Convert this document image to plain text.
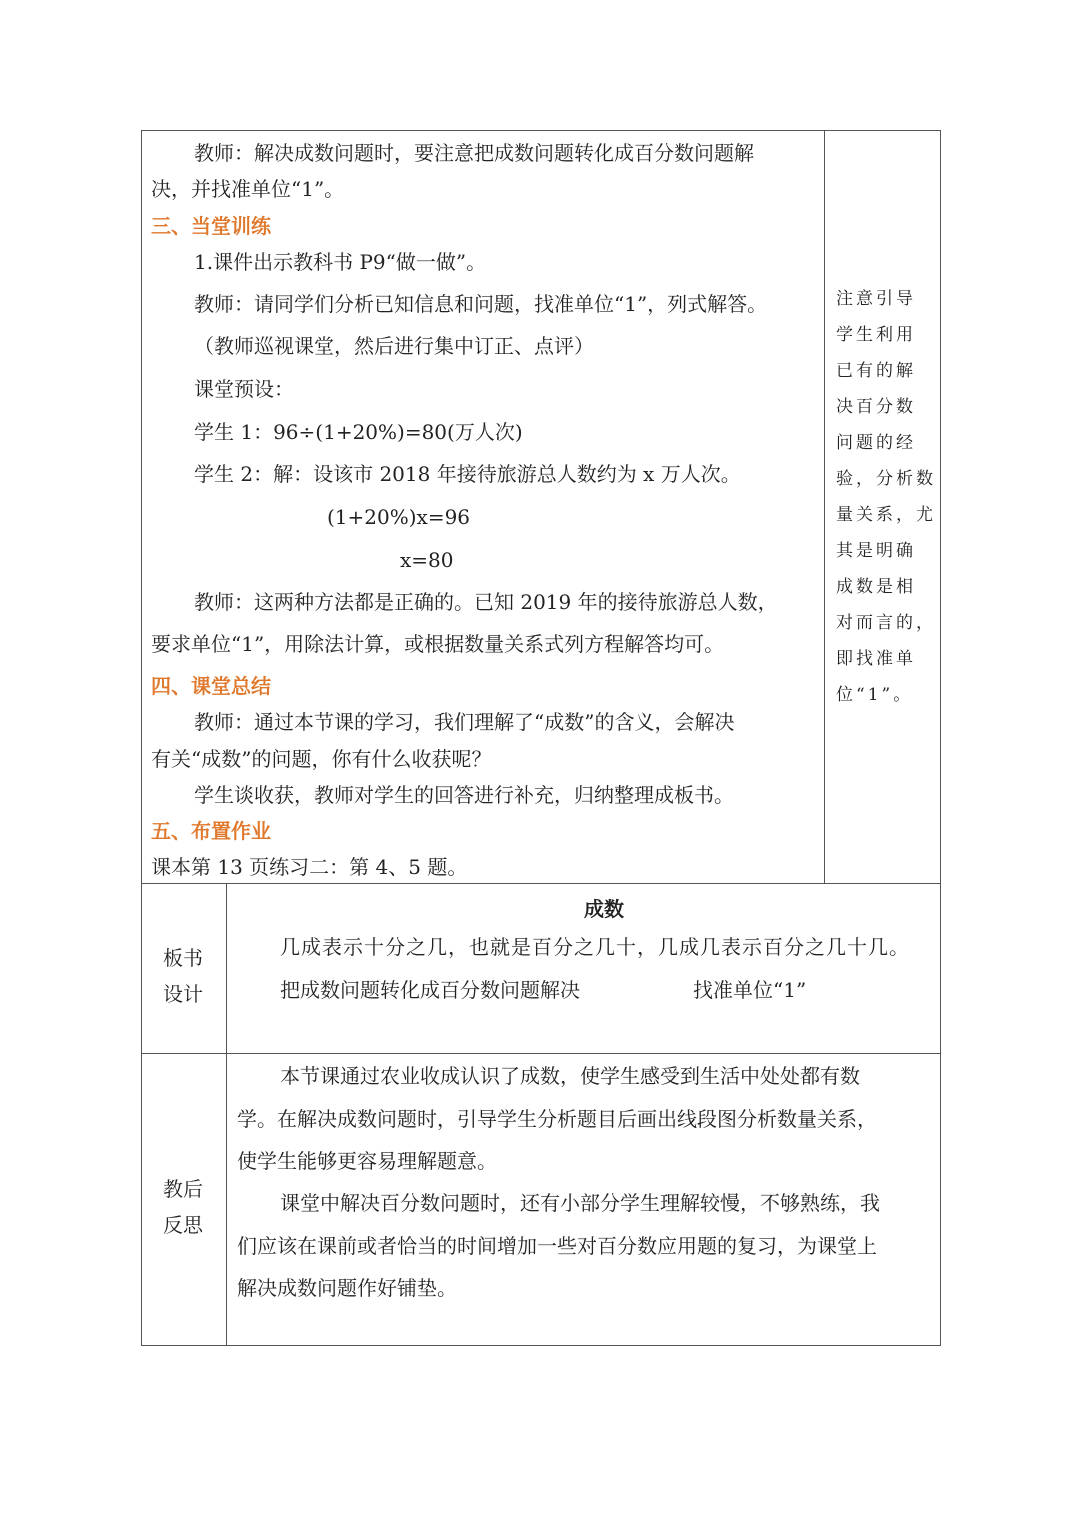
教师：解决成数问题时，要注意把成数问题转化成百分数问题解
决，并找准单位“1”。
三、当堂训练
1.课件出示教科书 P9“做一做”。
教师：请同学们分析已知信息和问题，找准单位“1”，列式解答。
（教师巡视课堂，然后进行集中订正、点评）
课堂预设：
学生 1：96÷(1+20%)=80(万人次)
学生 2：解：设该市 2018 年接待旅游总人数约为 x 万人次。
(1+20%)x=96
x=80
教师：这两种方法都是正确的。已知 2019 年的接待旅游总人数，
要求单位“1”，用除法计算，或根据数量关系式列方程解答均可。
四、课堂总结
教师：通过本节课的学习，我们理解了“成数”的含义，会解决
有关“成数”的问题，你有什么收获呢？
学生谈收获，教师对学生的回答进行补充，归纳整理成板书。
五、布置作业
课本第 13 页练习二：第 4、5 题。
注意引导
学生利用
已有的解
决百分数
问题的经
验，分析数
量关系，尤
其是明确
成数是相
对而言的，
即找准单
位“1”。
板书
设计
成数
几成表示十分之几，也就是百分之几十，几成几表示百分之几十几。
把成数问题转化成百分数问题解决	找准单位“1”
教后
反思
本节课通过农业收成认识了成数，使学生感受到生活中处处都有数
学。在解决成数问题时，引导学生分析题目后画出线段图分析数量关系，
使学生能够更容易理解题意。
课堂中解决百分数问题时，还有小部分学生理解较慢，不够熟练，我
们应该在课前或者恰当的时间增加一些对百分数应用题的复习，为课堂上
解决成数问题作好铺垫。
